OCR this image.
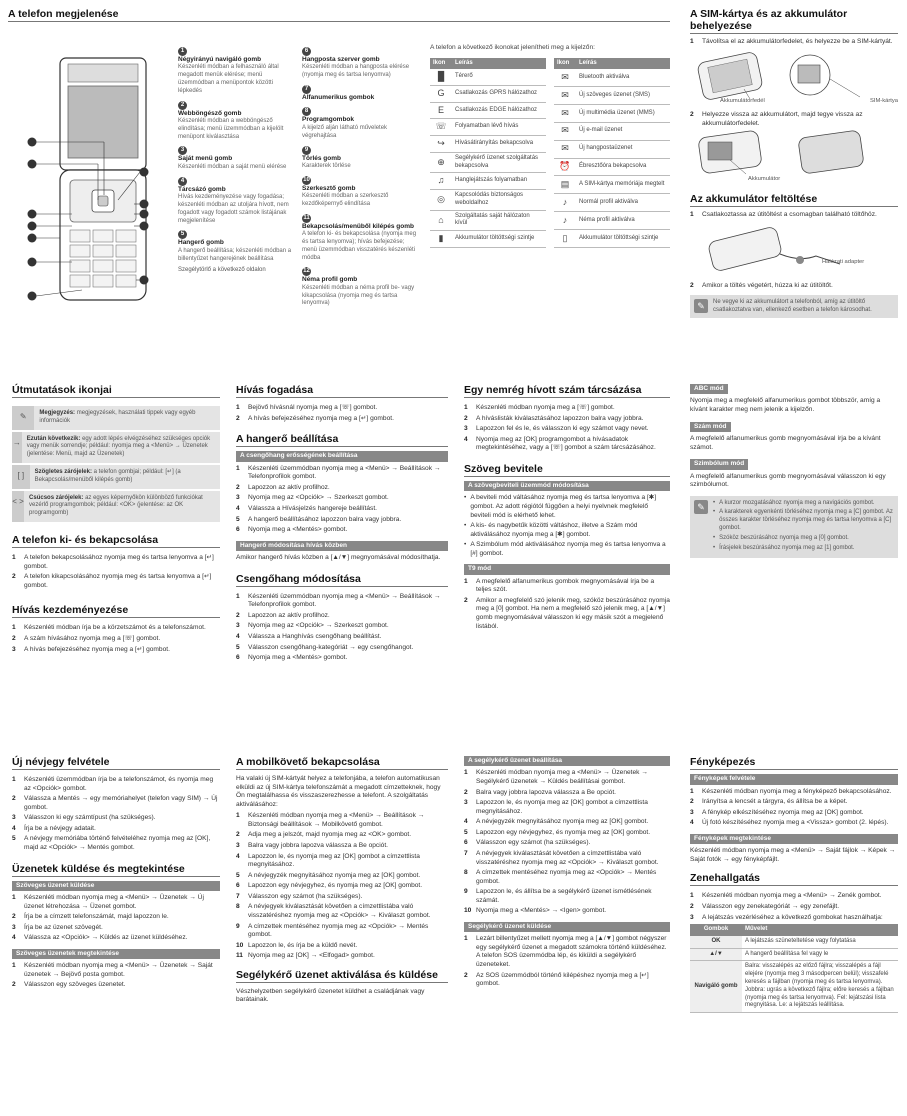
A telefon megjelenése
1
Négyirányú navigáló gomb
Készenléti módban a felhasználó által megadott menük elérése; menü üzemmódban a menüpontok közötti lépkedés
2
Webböngésző gomb
Készenléti módban a webböngésző elindítása; menü üzemmódban a kijelölt menüpont kiválasztása
3
Saját menü gomb
Készenléti módban a saját menü elérése
4
Tárcsázó gomb
Hívás kezdeményezése vagy fogadása; készenléti módban az utoljára hívott, nem fogadott vagy fogadott számok listájának megjelenítése
5
Hangerő gomb
A hangerő beállítása; készenléti módban a billentyűzet hangerejének beállítása
Szegélytörlő a következő oldalon
6
Hangposta szerver gomb
Készenléti módban a hangposta elérése (nyomja meg és tartsa lenyomva)
7
Alfanumerikus gombok
8
Programgombok
A kijelző alján látható műveletek végrehajtása
9
Törlés gomb
Karakterek törlése
10
Szerkesztő gomb
Készenléti módban a szerkesztő kezdőképernyő elindítása
11
Bekapcsolás/menüből kilépés gomb
A telefon ki- és bekapcsolása (nyomja meg és tartsa lenyomva); hívás befejezése; menü üzemmódban visszatérés készenléti módba
12
Néma profil gomb
Készenléti módban a néma profil be- vagy kikapcsolása (nyomja meg és tartsa lenyomva)
A telefon a következő ikonokat jelenítheti meg a kijelzőn:
Ikon	Leírás
▐▌	Térerő
G	Csatlakozás GPRS hálózathoz
E	Csatlakozás EDGE hálózathoz
☏	Folyamatban lévő hívás
↪	Hívásátirányítás bekapcsolva
⊕	Segélykérő üzenet szolgáltatás bekapcsolva
♫	Hanglejátszás folyamatban
◎	Kapcsolódás biztonságos weboldalhoz
⌂	Szolgáltatás saját hálózaton kívül
▮	Akkumulátor töltöttségi szintje
Ikon	Leírás
✉	Bluetooth aktiválva
✉	Új szöveges üzenet (SMS)
✉	Új multimédia üzenet (MMS)
✉	Új e-mail üzenet
✉	Új hangpostaüzenet
⏰	Ébresztőóra bekapcsolva
▤	A SIM-kártya memóriája megtelt
♪	Normál profil aktiválva
♪	Néma profil aktiválva
▯	Akkumulátor töltöttségi szintje
A SIM-kártya és az akkumulátor behelyezése
1	Távolítsa el az akkumulátorfedelet, és helyezze be a SIM-kártyát.
Akkumulátorfedél	SIM-kártya
2	Helyezze vissza az akkumulátort, majd tegye vissza az akkumulátorfedelet.
Akkumulátor
Az akkumulátor feltöltése
1	Csatlakoztassa az útitöltést a csomagban található töltőhöz.
Hálózati adapter
2	Amikor a töltés végetért, húzza ki az útitöltőt.
✎	Ne vegye ki az akkumulátort a telefonból, amíg az útitöltő csatlakoztatva van, ellenkező esetben a telefon károsodhat.
Útmutatások ikonjai
✎	Megjegyzés: megjegyzések, használati tippek vagy egyéb információk
→ Ezután következik: egy adott lépés elvégzéséhez szükséges opciók vagy menük sorrendje; például: nyomja meg a <Menü> → Üzenetek (jelentése: Menü, majd az Üzenetek)
[ ]	Szögletes zárójelek: a telefon gombjai; például: [↵] (a Bekapcsolás/menüből kilépés gomb)
< > Csúcsos zárójelek: az egyes képernyőkön különböző funkciókat vezérlő programgombok; például: <OK> (jelentése: az OK programgomb)
A telefon ki- és bekapcsolása
1	A telefon bekapcsolásához nyomja meg és tartsa lenyomva a [↵] gombot.
2	A telefon kikapcsolásához nyomja meg és tartsa lenyomva a [↵] gombot.
Hívás kezdeményezése
1	Készenléti módban írja be a körzetszámot és a telefonszámot.
2	A szám hívásához nyomja meg a [☏] gombot.
3	A hívás befejezéséhez nyomja meg a [↵] gombot.
Hívás fogadása
1	Bejövő hívásnál nyomja meg a [☏] gombot.
2	A hívás befejezéséhez nyomja meg a [↵] gombot.
A hangerő beállítása
A csengőhang erősségének beállítása
1	Készenléti üzemmódban nyomja meg a <Menü> → Beállítások → Telefonprofilok gombot.
2	Lapozzon az aktív profilhoz.
3	Nyomja meg az <Opciók> → Szerkeszt gombot.
4	Válassza a Hívásjelzés hangereje beállítást.
5	A hangerő beállításához lapozzon balra vagy jobbra.
6	Nyomja meg a <Mentés> gombot.
Hangerő módosítása hívás közben
Amikor hangerő hívás közben a [▲/▼] megnyomásával módosíthatja.
Csengőhang módosítása
1	Készenléti üzemmódban nyomja meg a <Menü> → Beállítások → Telefonprofilok gombot.
2	Lapozzon az aktív profilhoz.
3	Nyomja meg az <Opciók> → Szerkeszt gombot.
4	Válassza a Hanghívás csengőhang beállítást.
5	Válasszon csengőhang-kategóriát → egy csengőhangot.
6	Nyomja meg a <Mentés> gombot.
Egy nemrég hívott szám tárcsázása
1	Készenléti módban nyomja meg a [☏] gombot.
2	A híváslisták kiválasztásához lapozzon balra vagy jobbra.
3	Lapozzon fel és le, és válasszon ki egy számot vagy nevet.
4	Nyomja meg az [OK] programgombot a hívásadatok megtekintéséhez, vagy a [☏] gombot a szám tárcsázásához.
Szöveg bevitele
A szövegbeviteli üzemmód módosítása
• A beviteli mód váltásához nyomja meg és tartsa lenyomva a [✱] gombot. Az adott régiótól függően a helyi nyelvnek megfelelő beviteli mód is elérhető lehet.
• A kis- és nagybetűk közötti váltáshoz, illetve a Szám mód aktiválásához nyomja meg a [✱] gombot.
• A Szimbólum mód aktiválásához nyomja meg és tartsa lenyomva a [#] gombot.
T9 mód
1	A megfelelő alfanumerikus gombok megnyomásával írja be a teljes szót.
2	Amikor a megfelelő szó jelenik meg, szóköz beszúrásához nyomja meg a [0] gombot. Ha nem a megfelelő szó jelenik meg, a [▲/▼] gomb megnyomásával válasszon ki egy másik szót a megjelenő listából.
ABC mód
Nyomja meg a megfelelő alfanumerikus gombot többször, amíg a kívánt karakter meg nem jelenik a kijelzőn.
Szám mód
A megfelelő alfanumerikus gomb megnyomásával írja be a kívánt számot.
Szimbólum mód
A megfelelő alfanumerikus gomb megnyomásával válasszon ki egy szimbólumot.
✎	• A kurzor mozgatásához nyomja meg a navigációs gombot.
• A karakterek egyenkénti törléséhez nyomja meg a [C] gombot. Az összes karakter törléséhez nyomja meg és tartsa lenyomva a [C] gombot.
• Szóköz beszúrásához nyomja meg a [0] gombot.
• Írásjelek beszúrásához nyomja meg az [1] gombot.
Új névjegy felvétele
1	Készenléti üzemmódban írja be a telefonszámot, és nyomja meg az <Opciók> gombot.
2	Válassza a Mentés → egy memóriahelyet (telefon vagy SIM) → Új gombot.
3	Válasszon ki egy számtípust (ha szükséges).
4	Írja be a névjegy adatait.
5	A névjegy memóriába történő felvételéhez nyomja meg az [OK], majd az <Opciók> → Mentés gombot.
Üzenetek küldése és megtekintése
Szöveges üzenet küldése
1	Készenléti módban nyomja meg a <Menü> → Üzenetek → Új üzenet létrehozása → Üzenet gombot.
2	Írja be a címzett telefonszámát, majd lapozzon le.
3	Írja be az üzenet szövegét.
4	Válassza az <Opciók> → Küldés az üzenet küldéséhez.
Szöveges üzenetek megtekintése
1	Készenléti módban nyomja meg a <Menü> → Üzenetek → Saját üzenetek → Bejövő posta gombot.
2	Válasszon egy szöveges üzenetet.
A mobilkövető bekapcsolása
Ha valaki új SIM-kártyát helyez a telefonjába, a telefon automatikusan elküldi az új SIM-kártya telefonszámát a megadott címzetteknek, hogy Ön megtalálhassa és visszaszerezhesse a telefont. A szolgáltatás aktiválásához:
1	Készenléti módban nyomja meg a <Menü> → Beállítások → Biztonsági beállítások → Mobilkövető gombot.
2	Adja meg a jelszót, majd nyomja meg az <OK> gombot.
3	Balra vagy jobbra lapozva válassza a Be opciót.
4	Lapozzon le, és nyomja meg az [OK] gombot a címzettlista megnyitásához.
5	A névjegyzék megnyitásához nyomja meg az [OK] gombot.
6	Lapozzon egy névjegyhez, és nyomja meg az [OK] gombot.
7	Válasszon egy számot (ha szükséges).
8	A névjegyek kiválasztását követően a címzettlistába való visszatéréshez nyomja meg az <Opciók> → Kiválaszt gombot.
9	A címzettek mentéséhez nyomja meg az <Opciók> → Mentés gombot.
10 Lapozzon le, és írja be a küldő nevét.
11 Nyomja meg az [OK] → <Elfogad> gombot.
Segélykérő üzenet aktiválása és küldése
Vészhelyzetben segélykérő üzenetet küldhet a családjának vagy barátainak.
A segélykérő üzenet beállítása
1	Készenléti módban nyomja meg a <Menü> → Üzenetek → Segélykérő üzenetek → Küldés beállításai gombot.
2	Balra vagy jobbra lapozva válassza a Be opciót.
3	Lapozzon le, és nyomja meg az [OK] gombot a címzettlista megnyitásához.
4	A névjegyzék megnyitásához nyomja meg az [OK] gombot.
5	Lapozzon egy névjegyhez, és nyomja meg az [OK] gombot.
6	Válasszon egy számot (ha szükséges).
7	A névjegyek kiválasztását követően a címzettlistába való visszatéréshez nyomja meg az <Opciók> → Kiválaszt gombot.
8	A címzettek mentéséhez nyomja meg az <Opciók> → Mentés gombot.
9	Lapozzon le, és állítsa be a segélykérő üzenet ismétlésének számát.
10 Nyomja meg a <Mentés> → <Igen> gombot.
Segélykérő üzenet küldése
1	Lezárt billentyűzet mellett nyomja meg a [▲/▼] gombot négyszer egy segélykérő üzenet a megadott számokra történő küldéséhez. A telefon SOS üzemmódba lép, és kiküldi a segélykérő üzeneteket.
2	Az SOS üzemmódból történő kilépéshez nyomja meg a [↵] gombot.
Fényképezés
Fényképek felvétele
1	Készenléti módban nyomja meg a fényképező bekapcsolásához.
2	Irányítsa a lencsét a tárgyra, és állítsa be a képet.
3	A fénykép elkészítéséhez nyomja meg az [OK] gombot.
4	Új fotó készítéséhez nyomja meg a <Vissza> gombot (2. lépés).
Fényképek megtekintése
Készenléti módban nyomja meg a <Menü> → Saját fájlok → Képek → Saját fotók → egy fényképfájlt.
Zenehallgatás
1	Készenléti módban nyomja meg a <Menü> → Zenék gombot.
2	Válasszon egy zenekategóriát → egy zenefájlt.
3	A lejátszás vezérléséhez a következő gombokat használhatja:
Gombok	Művelet
OK	A lejátszás szüneteltetése vagy folytatása
▲/▼	A hangerő beállítása fel vagy le
Navigáló gomb	Balra: visszalépés az előző fájlra; visszalépés a fájl elejére (nyomja meg 3 másodpercen belül); visszafelé keresés a fájlban (nyomja meg és tartsa lenyomva). Jobbra: ugrás a következő fájlra; előre keresés a fájlban (nyomja meg és tartsa lenyomva). Fel: lejátszási lista megnyitása. Le: a lejátszás leállítása.
